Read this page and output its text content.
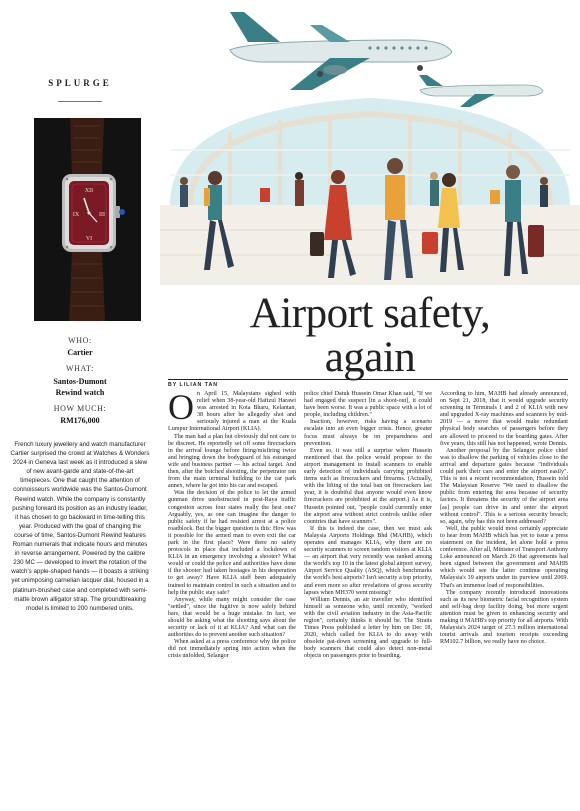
SPLURGE
XII
VI
IX	III
WHO:
Cartier
WHAT:
Santos-Dumont
Rewind watch
HOW MUCH:
RM176,000
French luxury jewellery and watch manufacturer Cartier surprised the crowd at Watches & Wonders 2024 in Geneva last week as it introduced a slew of new avant-garde and state-of-the-art timepieces. One that caught the attention of connoisseurs worldwide was the Santos-Dumont Rewind watch. While the company is constantly pushing forward its position as an industry leader, it has chosen to go backward in time-telling this year. Produced with the goal of changing the course of time, Santos-Dumont Rewind features Roman numerals that indicate hours and minutes in reverse arrangement. Powered by the calibre 230 MC — developed to invert the rotation of the watch's apple-shaped hands — it boasts a striking yet unimposing carnelian lacquer dial, housed in a platinum-brushed case and completed with semi-matte brown alligator strap. The groundbreaking model is limited to 200 numbered units.
Airport safety,
again
BY LILIAN TAN

On April 15, Malaysians sighed with relief when 38-year-old Hafizul Harawi was arrested in Kota Bharu, Kelantan, 38 hours after he allegedly shot and seriously injured a man at the Kuala Lumpur International Airport (KLIA).

The man had a plan but obviously did not care to be discreet. He reportedly set off some firecrackers in the arrival lounge before firing/misfiring twice and bringing down the bodyguard of his estranged wife and business partner — his actual target. And then, after the botched shooting, the perpetrator ran from the main terminal building to the car park annex, where he got into his car and escaped.

Was the decision of the police to let the armed gunman drive unobstructed in post-Raya traffic congestion across four states really the best one? Arguably, yes, as one can imagine the danger to public safety if he had resisted arrest at a police roadblock. But the bigger question is this: How was it possible for the armed man to even exit the car park in the first place? Were there no safety protocols in place that included a lockdown of KLIA in an emergency involving a shooter? What would or could the police and authorities have done if the shooter had taken hostages in his desperation to get away? Have KLIA staff been adequately trained to maintain control in such a situation and to help the public stay safe?

Anyway, while many might consider the case "settled", since the fugitive is now safely behind bars, that would be a huge mistake. In fact, we should be asking what the shooting says about the security or lack of it at KLIA? And what can the authorities do to prevent another such situation?

When asked at a press conference why the police did not immediately spring into action when the crisis unfolded, Selangor

police chief Datuk Hussein Omar Khan said, "If we had engaged the suspect [in a shoot-out], it could have been worse. It was a public space with a lot of people, including children."

Inaction, however, risks having a scenario escalate into an even bigger crisis. Hence, greater focus must always be on preparedness and prevention.

Even so, it was still a surprise when Hussein mentioned that the police would propose to the airport management to install scanners to enable early detection of individuals carrying prohibited items such as firecrackers and firearms. (Actually, with the lifting of the total ban on firecrackers last year, it is doubtful that anyone would even know firecrackers are prohibited at the airport.) As it is, Hussein pointed out, "people could currently enter the airport area without strict controls unlike other countries that have scanners".

If this is indeed the case, then we must ask Malaysia Airports Holdings Bhd (MAHB), which operates and manages KLIA, why there are no security scanners to screen random visitors at KLIA — an airport that very recently was ranked among the world's top 10 in the latest global airport survey, Airport Service Quality (ASQ), which benchmarks the world's best airports? Isn't security a top priority, and even more so after revelations of gross security lapses when MH370 went missing?

William Dennis, an air traveller who identified himself as someone who, until recently, "worked with the civil aviation industry in the Asia-Pacific region", certainly thinks it should be. The Straits Times Press published a letter by him on Dec 18, 2020, which called for KLIA to do away with obsolete pat-down screening and upgrade to full-body scanners that could also detect non-metal objects on passengers prior to boarding.

According to him, MAHB had already announced, on Sept 21, 2018, that it would upgrade security screening in Terminals 1 and 2 of KLIA with new and upgraded X-ray machines and scanners by mid-2019 — a move that would make redundant physical body searches of passengers before they are allowed to proceed to the boarding gates. After five years, this still has not happened, wrote Dennis.

Another proposal by the Selangor police chief was to disallow the parking of vehicles close to the arrival and departure gates because "individuals could park their cars and enter the airport easily". This is not a recent recommendation, Hussein told The Malaysian Reserve "We used to disallow the public from entering the area because of security factors. It threatens the security of the airport area [as] people can drive in and enter the airport without control". This is a serious security breach; so, again, why has this not been addressed?

Well, the public would most certainly appreciate to hear from MAHB which has yet to issue a press statement on the incident, let alone hold a press conference. After all, Minister of Transport Anthony Loke announced on March 26 that agreements had been signed between the government and MAHB which would see the latter continue operating Malaysia's 39 airports under its purview until 2069. That's an immense load of responsibilities.

The company recently introduced innovations such as its new biometric facial recognition system and self-bag drop facility doing, but more urgent attention must be given to enhancing security and making it MAHB's top priority for all airports. With Malaysia's 2024 target of 27.3 million international tourist arrivals and tourism receipts exceeding RM102.7 billion, we really have no choice.
